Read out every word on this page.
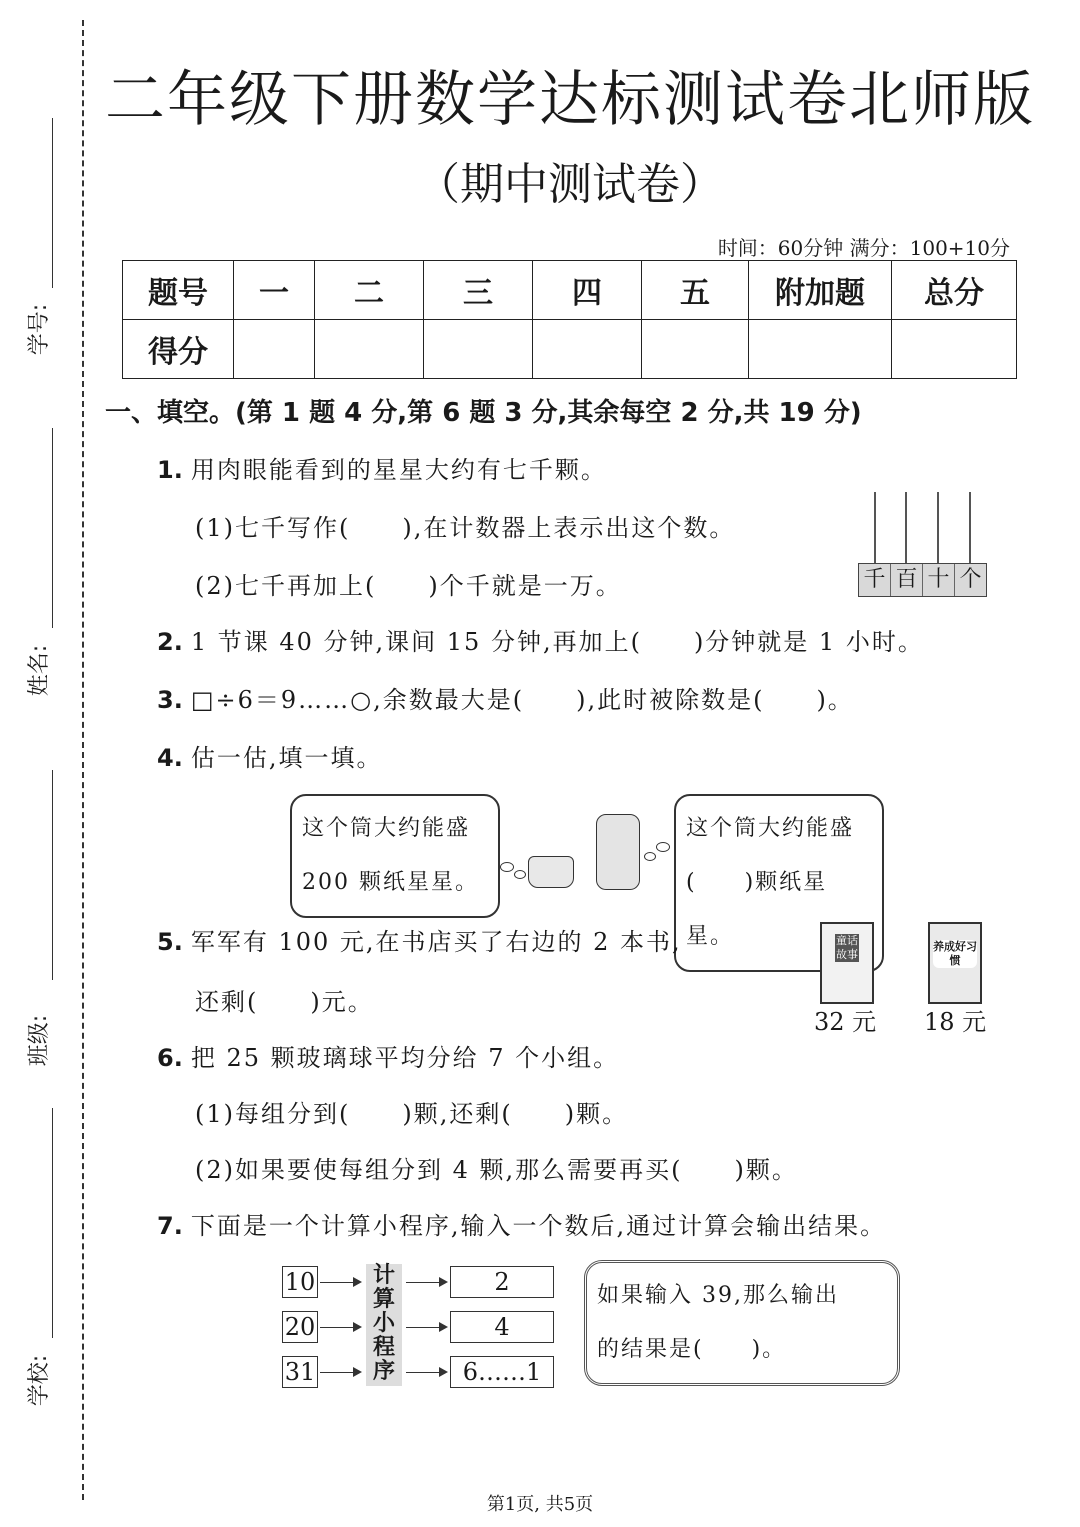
学号:
姓名:
班级:
学校:
二年级下册数学达标测试卷北师版
（期中测试卷）
时间：60分钟 满分：100+10分
题号	一	二	三	四	五	附加题	总分
得分							
一、填空。(第 1 题 4 分,第 6 题 3 分,其余每空 2 分,共 19 分)
1. 用肉眼能看到的星星大约有七千颗。
(1)七千写作(　　),在计数器上表示出这个数。
(2)七千再加上(　　)个千就是一万。	千 百 十 个
2. 1 节课 40 分钟,课间 15 分钟,再加上(　　)分钟就是 1 小时。
3. □÷6＝9……○,余数最大是(　　),此时被除数是(　　)。
4. 估一估,填一填。
这个筒大约能盛
200 颗纸星星。
这个筒大约能盛
(　　)颗纸星星。
5. 军军有 100 元,在书店买了右边的 2 本书,
还剩(　　)元。
童话故事
32 元
养成好习惯
18 元
6. 把 25 颗玻璃球平均分给 7 个小组。
(1)每组分到(　　)颗,还剩(　　)颗。
(2)如果要使每组分到 4 颗,那么需要再买(　　)颗。
7. 下面是一个计算小程序,输入一个数后,通过计算会输出结果。
10
20
31
计算小程序
2
4
6……1
如果输入 39,那么输出
的结果是(　　)。
第1页, 共5页
